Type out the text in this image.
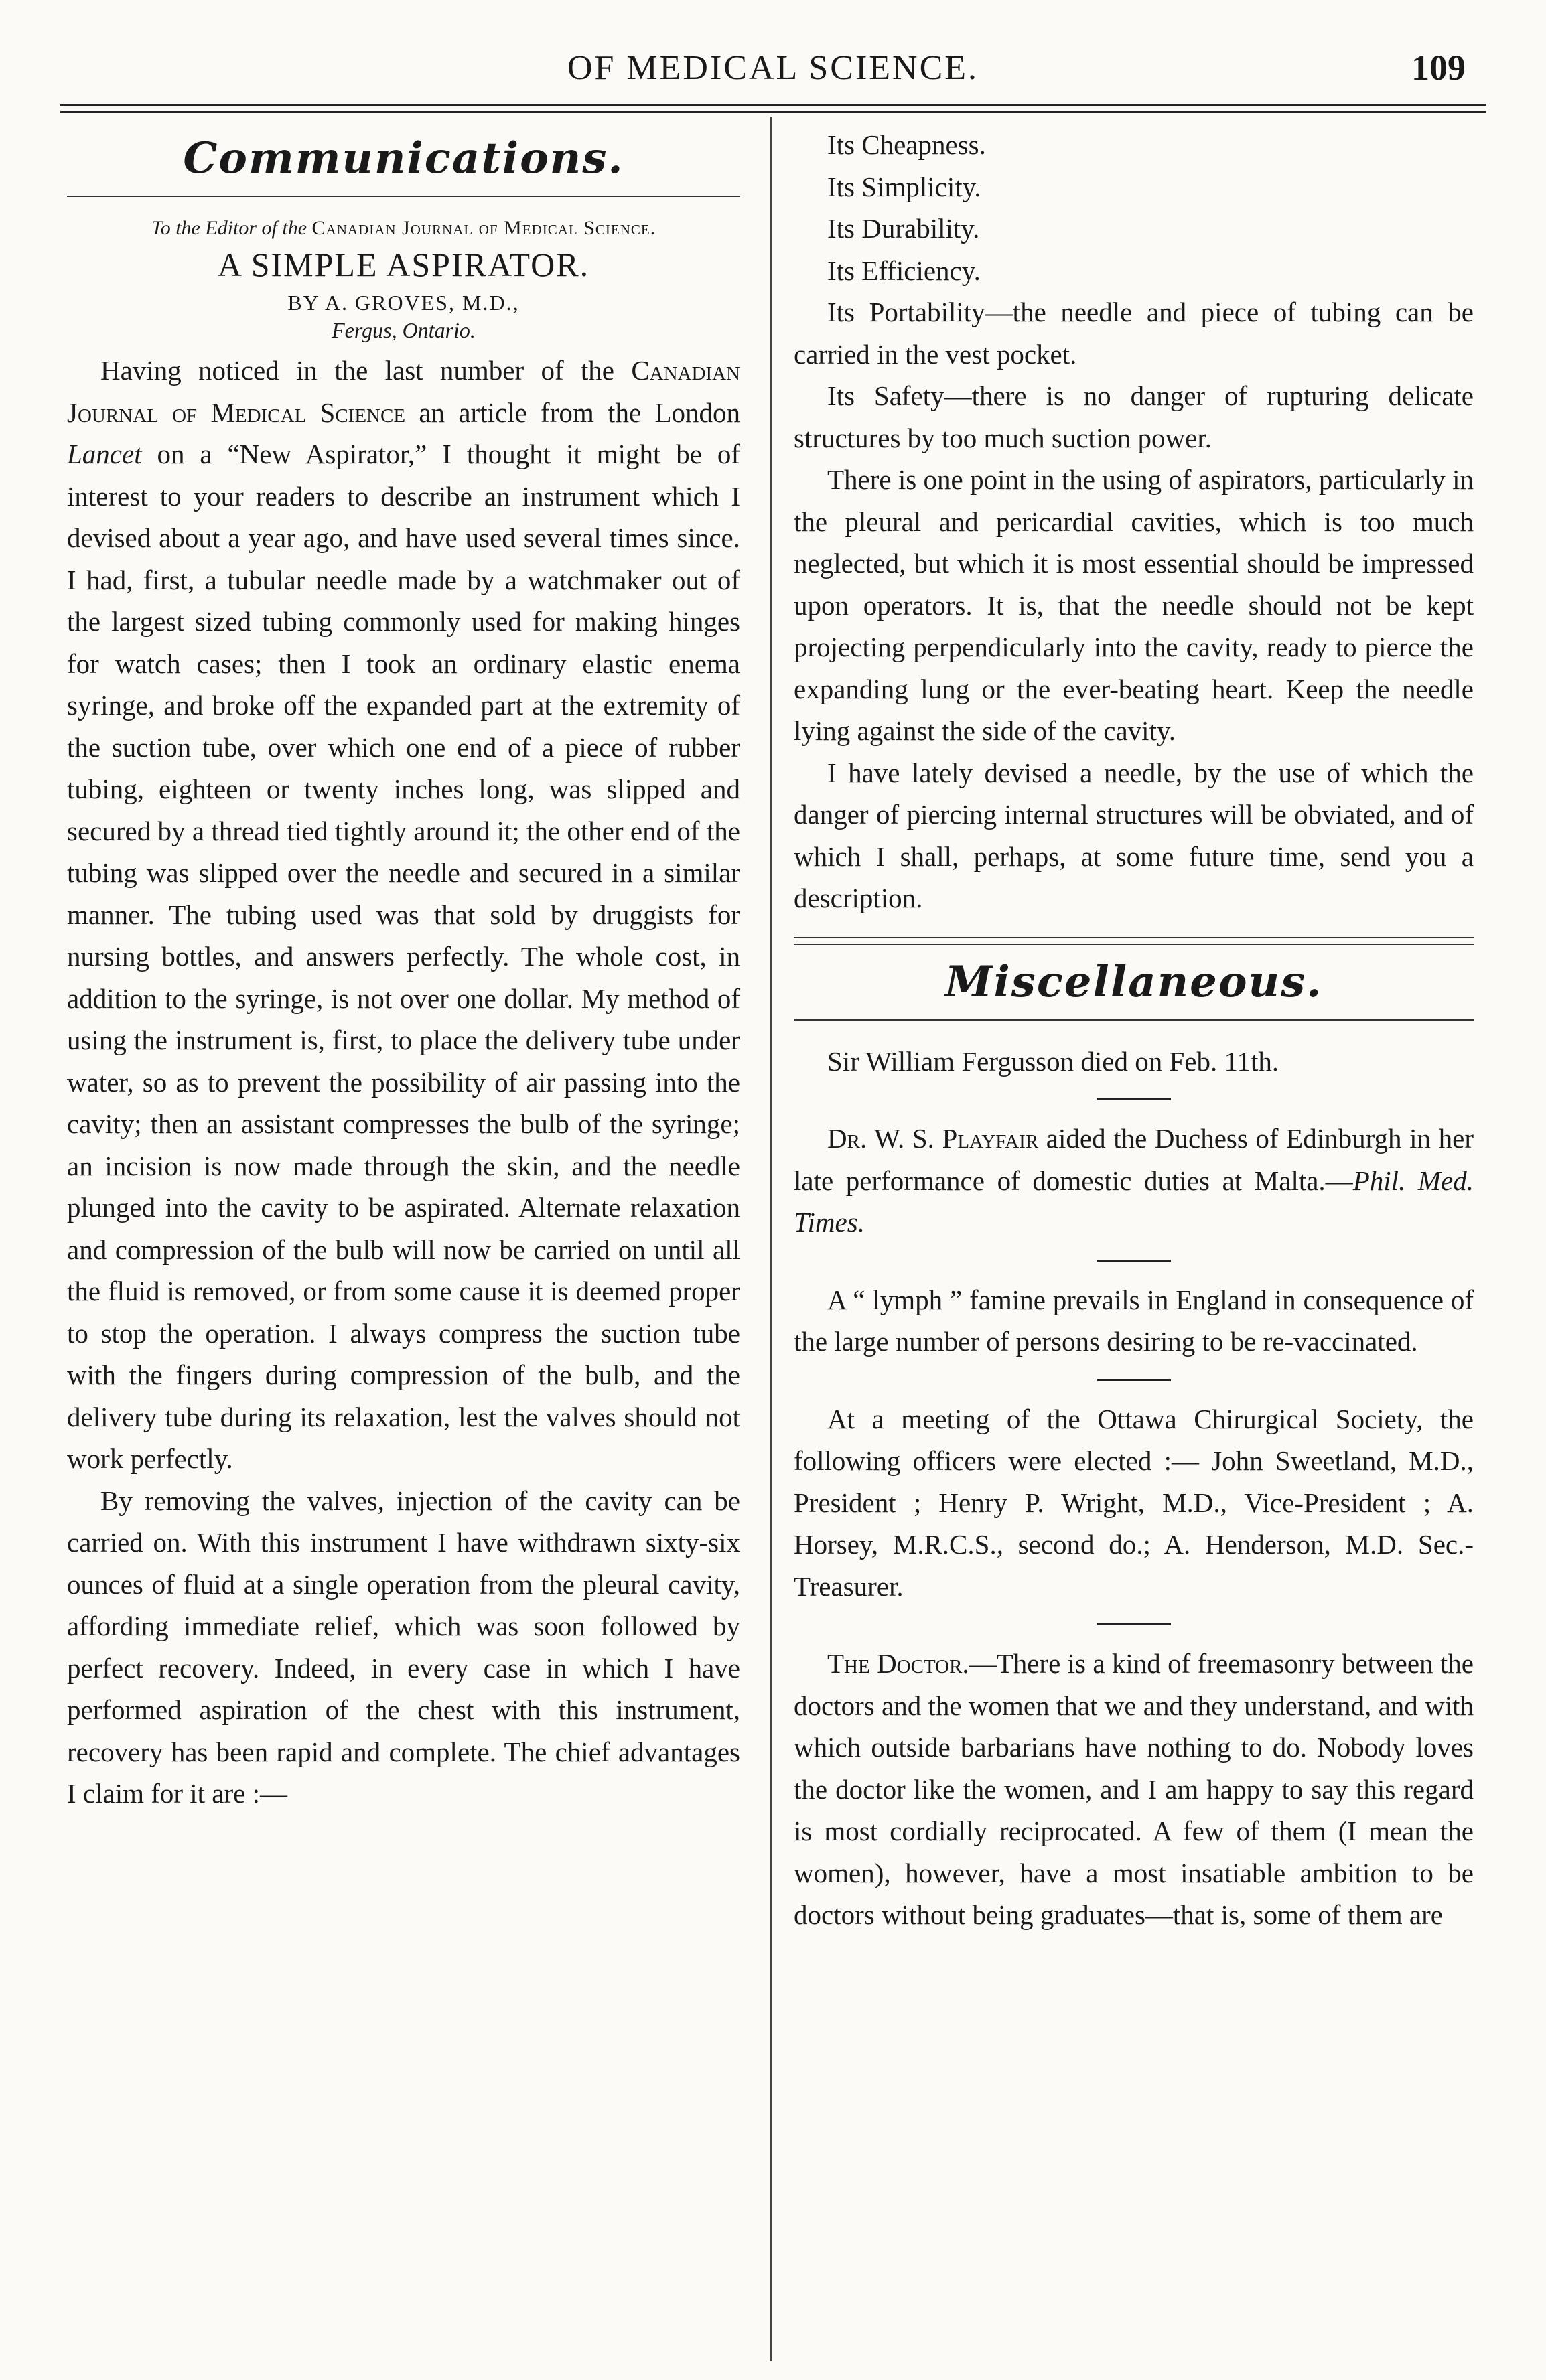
OF MEDICAL SCIENCE.	109
Communications.
To the Editor of the Canadian Journal of Medical Science.
A SIMPLE ASPIRATOR.
BY A. GROVES, M.D.,
Fergus, Ontario.

Having noticed in the last number of the Canadian Journal of Medical Science an article from the London Lancet on a “New Aspirator,” I thought it might be of interest to your readers to describe an instrument which I devised about a year ago, and have used several times since. I had, first, a tubular needle made by a watchmaker out of the largest sized tubing commonly used for making hinges for watch cases; then I took an ordinary elastic enema syringe, and broke off the expanded part at the extremity of the suction tube, over which one end of a piece of rubber tubing, eighteen or twenty inches long, was slipped and secured by a thread tied tightly around it; the other end of the tubing was slipped over the needle and secured in a similar manner. The tubing used was that sold by druggists for nursing bottles, and answers perfectly. The whole cost, in addition to the syringe, is not over one dollar. My method of using the instrument is, first, to place the delivery tube under water, so as to prevent the possibility of air passing into the cavity; then an assistant compresses the bulb of the syringe; an incision is now made through the skin, and the needle plunged into the cavity to be aspirated. Alternate relaxation and compression of the bulb will now be carried on until all the fluid is removed, or from some cause it is deemed proper to stop the operation. I always compress the suction tube with the fingers during compression of the bulb, and the delivery tube during its relaxation, lest the valves should not work perfectly.

By removing the valves, injection of the cavity can be carried on. With this instrument I have withdrawn sixty-six ounces of fluid at a single operation from the pleural cavity, affording immediate relief, which was soon followed by perfect recovery. Indeed, in every case in which I have performed aspiration of the chest with this instrument, recovery has been rapid and complete. The chief advantages I claim for it are :—

Its Cheapness.

Its Simplicity.

Its Durability.

Its Efficiency.

Its Portability—the needle and piece of tubing can be carried in the vest pocket.

Its Safety—there is no danger of rupturing delicate structures by too much suction power.

There is one point in the using of aspirators, particularly in the pleural and pericardial cavities, which is too much neglected, but which it is most essential should be impressed upon operators. It is, that the needle should not be kept projecting perpendicularly into the cavity, ready to pierce the expanding lung or the ever-beating heart. Keep the needle lying against the side of the cavity.

I have lately devised a needle, by the use of which the danger of piercing internal structures will be obviated, and of which I shall, perhaps, at some future time, send you a description.

Miscellaneous.

Sir William Fergusson died on Feb. 11th.

Dr. W. S. Playfair aided the Duchess of Edinburgh in her late performance of domestic duties at Malta.—Phil. Med. Times.

A “ lymph ” famine prevails in England in consequence of the large number of persons desiring to be re-vaccinated.

At a meeting of the Ottawa Chirurgical Society, the following officers were elected :— John Sweetland, M.D., President ; Henry P. Wright, M.D., Vice-President ; A. Horsey, M.R.C.S., second do.; A. Henderson, M.D. Sec.-Treasurer.

The Doctor.—There is a kind of freemasonry between the doctors and the women that we and they understand, and with which outside barbarians have nothing to do. Nobody loves the doctor like the women, and I am happy to say this regard is most cordially reciprocated. A few of them (I mean the women), however, have a most insatiable ambition to be doctors without being graduates—that is, some of them are
